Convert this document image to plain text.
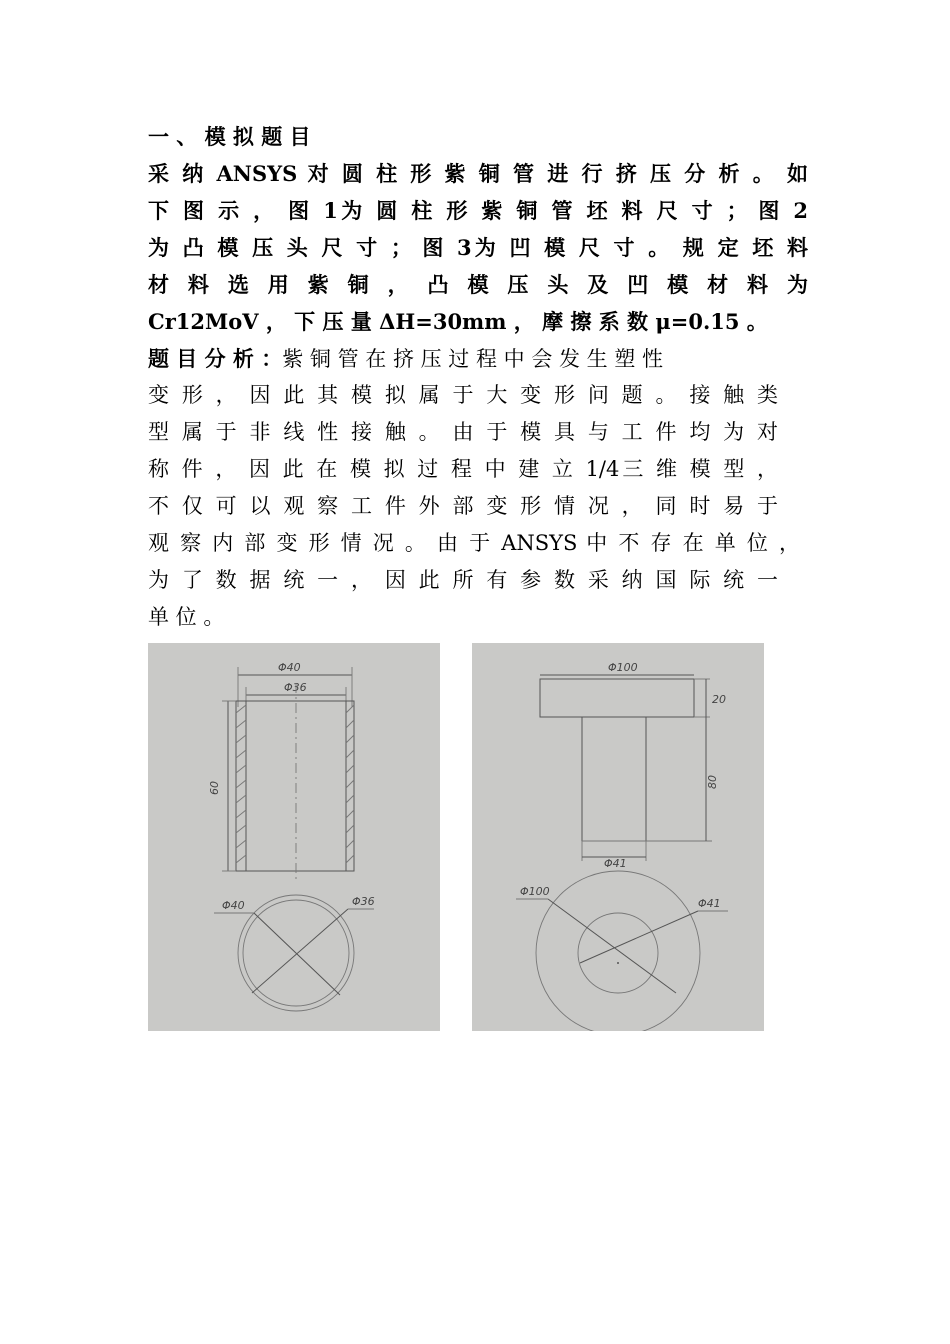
一 、 模 拟 题 目
采 纳 ANSYS 对 圆 柱 形 紫 铜 管 进 行 挤 压 分 析 。 如
下 图 示 ， 图 1为 圆 柱 形 紫 铜 管 坯 料 尺 寸 ； 图 2
为 凸 模 压 头 尺 寸 ； 图 3为 凹 模 尺 寸 。 规 定 坯 料
材 料 选 用 紫 铜 ， 凸 模 压 头 及 凹 模 材 料 为
Cr12MoV ， 下 压 量 ΔH=30mm ， 摩 擦 系 数 μ=0.15 。
题 目 分 析 ：紫 铜 管 在 挤 压 过 程 中 会 发 生 塑 性
变 形 ， 因 此 其 模 拟 属 于 大 变 形 问 题 。 接 触 类
型 属 于 非 线 性 接 触 。 由 于 模 具 与 工 件 均 为 对
称 件 ， 因 此 在 模 拟 过 程 中 建 立 1/4三 维 模 型 ，
不 仅 可 以 观 察 工 件 外 部 变 形 情 况 ， 同 时 易 于
观 察 内 部 变 形 情 况 。 由 于 ANSYS 中 不 存 在 单 位 ，
为 了 数 据 统 一 ， 因 此 所 有 参 数 采 纳 国 际 统 一
单 位 。
Φ40
Φ36
60
Φ40	Φ36
Φ100
20
80
Φ41
Φ100
Φ41
